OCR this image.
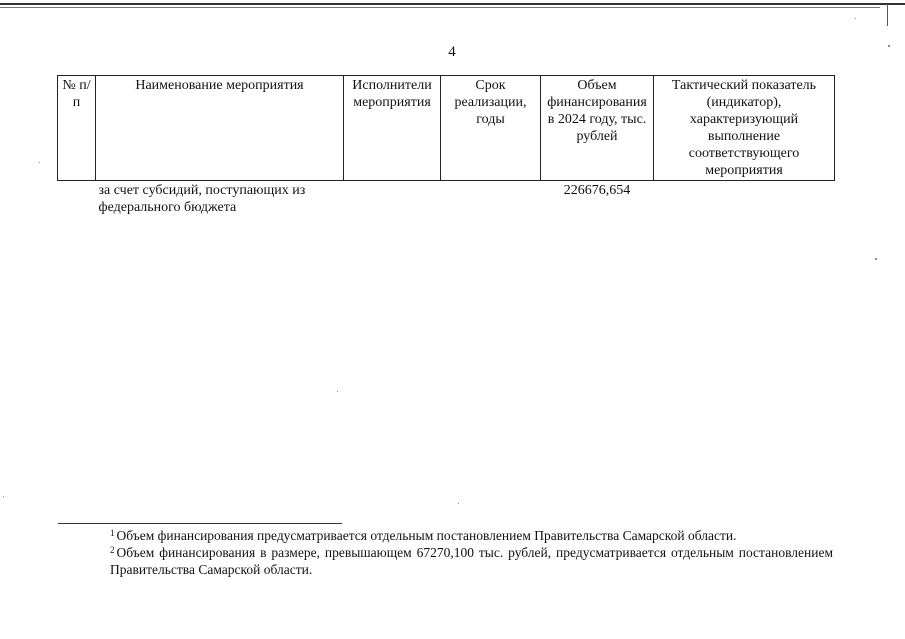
4
№ п/п	Наименование мероприятия	Исполнители мероприятия	Срок реализации, годы	Объем финансирования в 2024 году, тыс. рублей	Тактический показатель (индикатор), характеризующий выполнение соответствующего мероприятия
	за счет субсидий, поступающих из федерального бюджета			226676,654	

$^1$ Объем финансирования предусматривается отдельным постановлением Правительства Самарской области.

$^2$ Объем финансирования в размере, превышающем 67270,100 тыс. рублей, предусматривается отдельным постановлением Правительства Самарской области.
